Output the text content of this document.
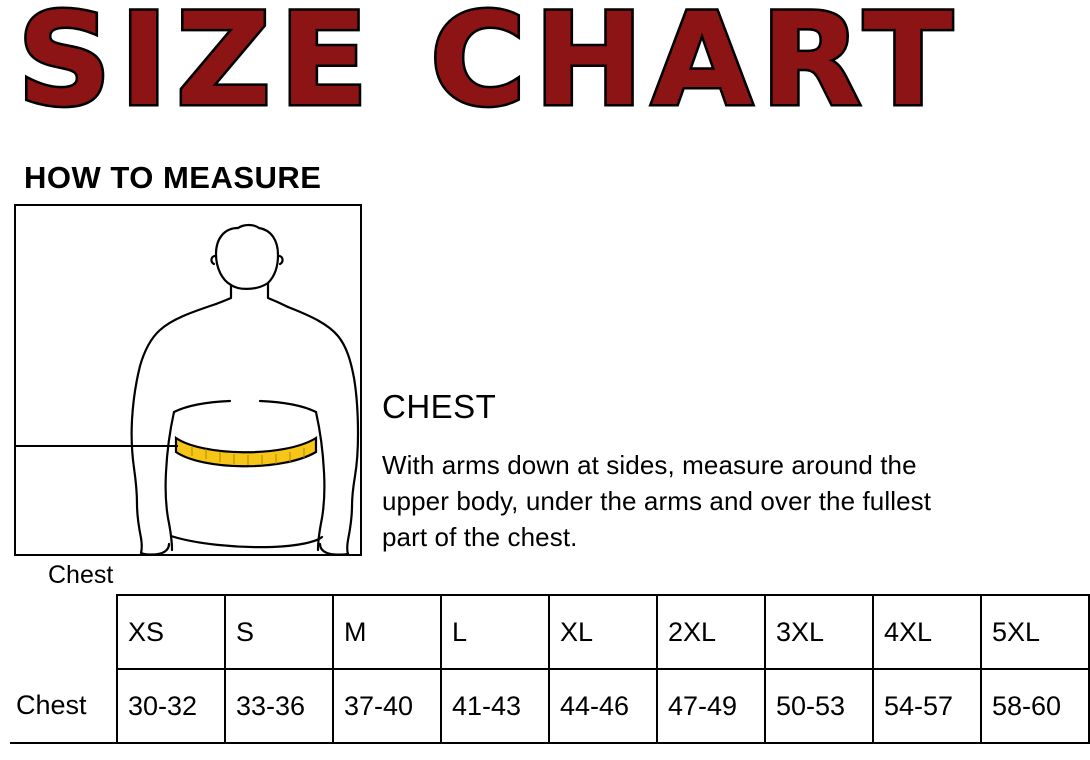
SIZE CHART
HOW TO MEASURE
Chest
CHEST

With arms down at sides, measure around the upper body, under the arms and over the fullest part of the chest.

	XS	S	M	L	XL	2XL	3XL	4XL	5XL
Chest	30-32	33-36	37-40	41-43	44-46	47-49	50-53	54-57	58-60
